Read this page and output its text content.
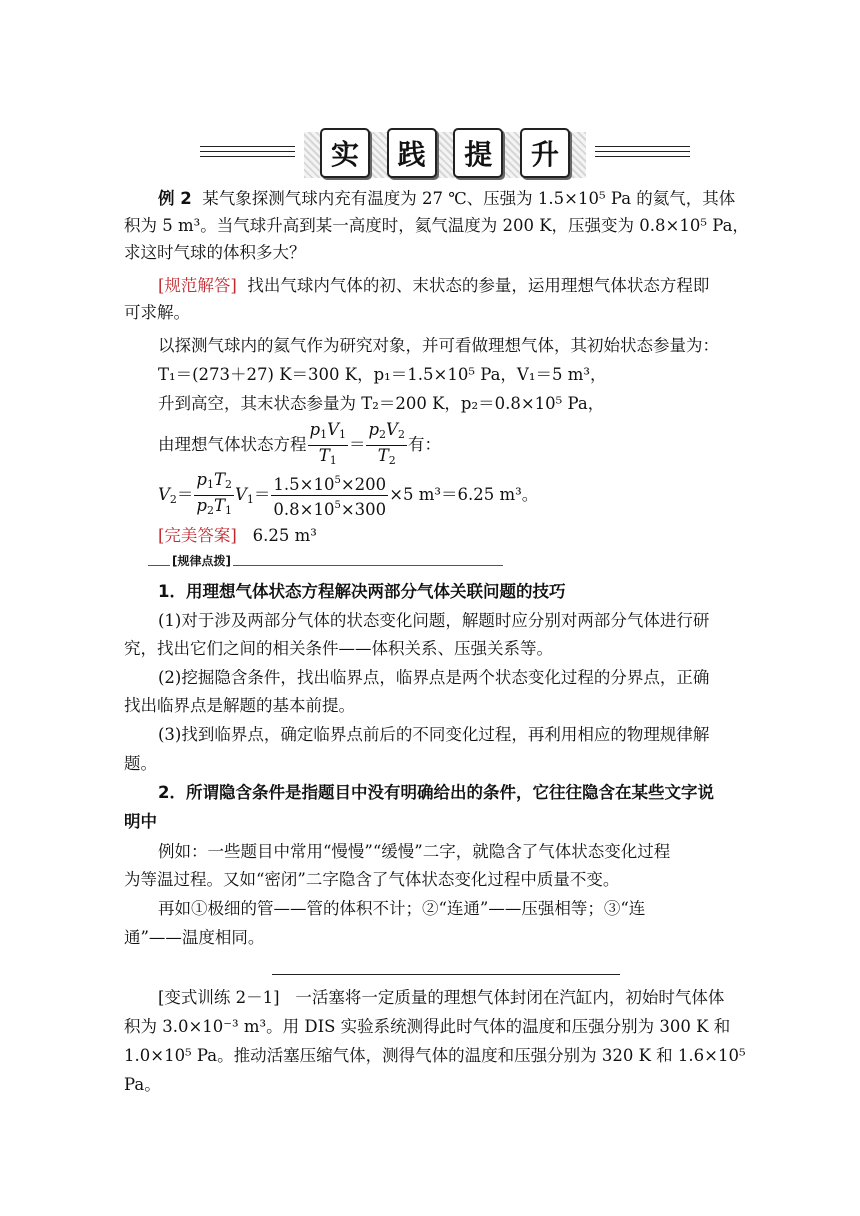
实	践	提	升
例 2 某气象探测气球内充有温度为 27 ℃、压强为 1.5×10⁵ Pa 的氦气，其体
积为 5 m³。当气球升高到某一高度时，氦气温度为 200 K，压强变为 0.8×10⁵ Pa，
求这时气球的体积多大？
[规范解答] 找出气球内气体的初、末状态的参量，运用理想气体状态方程即
可求解。
以探测气球内的氦气作为研究对象，并可看做理想气体，其初始状态参量为：
T₁＝(273＋27) K＝300 K，p₁＝1.5×10⁵ Pa，V₁＝5 m³，
升到高空，其末状态参量为 T₂＝200 K，p₂＝0.8×10⁵ Pa，
由理想气体状态方程 $\frac{p_1V_1}{T_1} = \frac{p_2V_2}{T_2}$ 有：
$V_2= \frac{p_1T_2}{p_2T_1} V_1= \frac{1.5\times 10^5\times 200}{0.8\times 10^5\times 300} \times 5$ m³＝6.25 m³。
[完美答案] 6.25 m³
[规律点拨]
1．用理想气体状态方程解决两部分气体关联问题的技巧
(1)对于涉及两部分气体的状态变化问题，解题时应分别对两部分气体进行研
究，找出它们之间的相关条件——体积关系、压强关系等。
(2)挖掘隐含条件，找出临界点，临界点是两个状态变化过程的分界点，正确
找出临界点是解题的基本前提。
(3)找到临界点，确定临界点前后的不同变化过程，再利用相应的物理规律解
题。
2．所谓隐含条件是指题目中没有明确给出的条件，它往往隐含在某些文字说
明中
例如：一些题目中常用“慢慢”“缓慢”二字，就隐含了气体状态变化过程
为等温过程。又如“密闭”二字隐含了气体状态变化过程中质量不变。
再如①极细的管——管的体积不计；②“连通”——压强相等；③“连
通”——温度相同。
[变式训练 2－1] 一活塞将一定质量的理想气体封闭在汽缸内，初始时气体体
积为 3.0×10⁻³ m³。用 DIS 实验系统测得此时气体的温度和压强分别为 300 K 和
1.0×10⁵ Pa。推动活塞压缩气体，测得气体的温度和压强分别为 320 K 和 1.6×10⁵
Pa。
